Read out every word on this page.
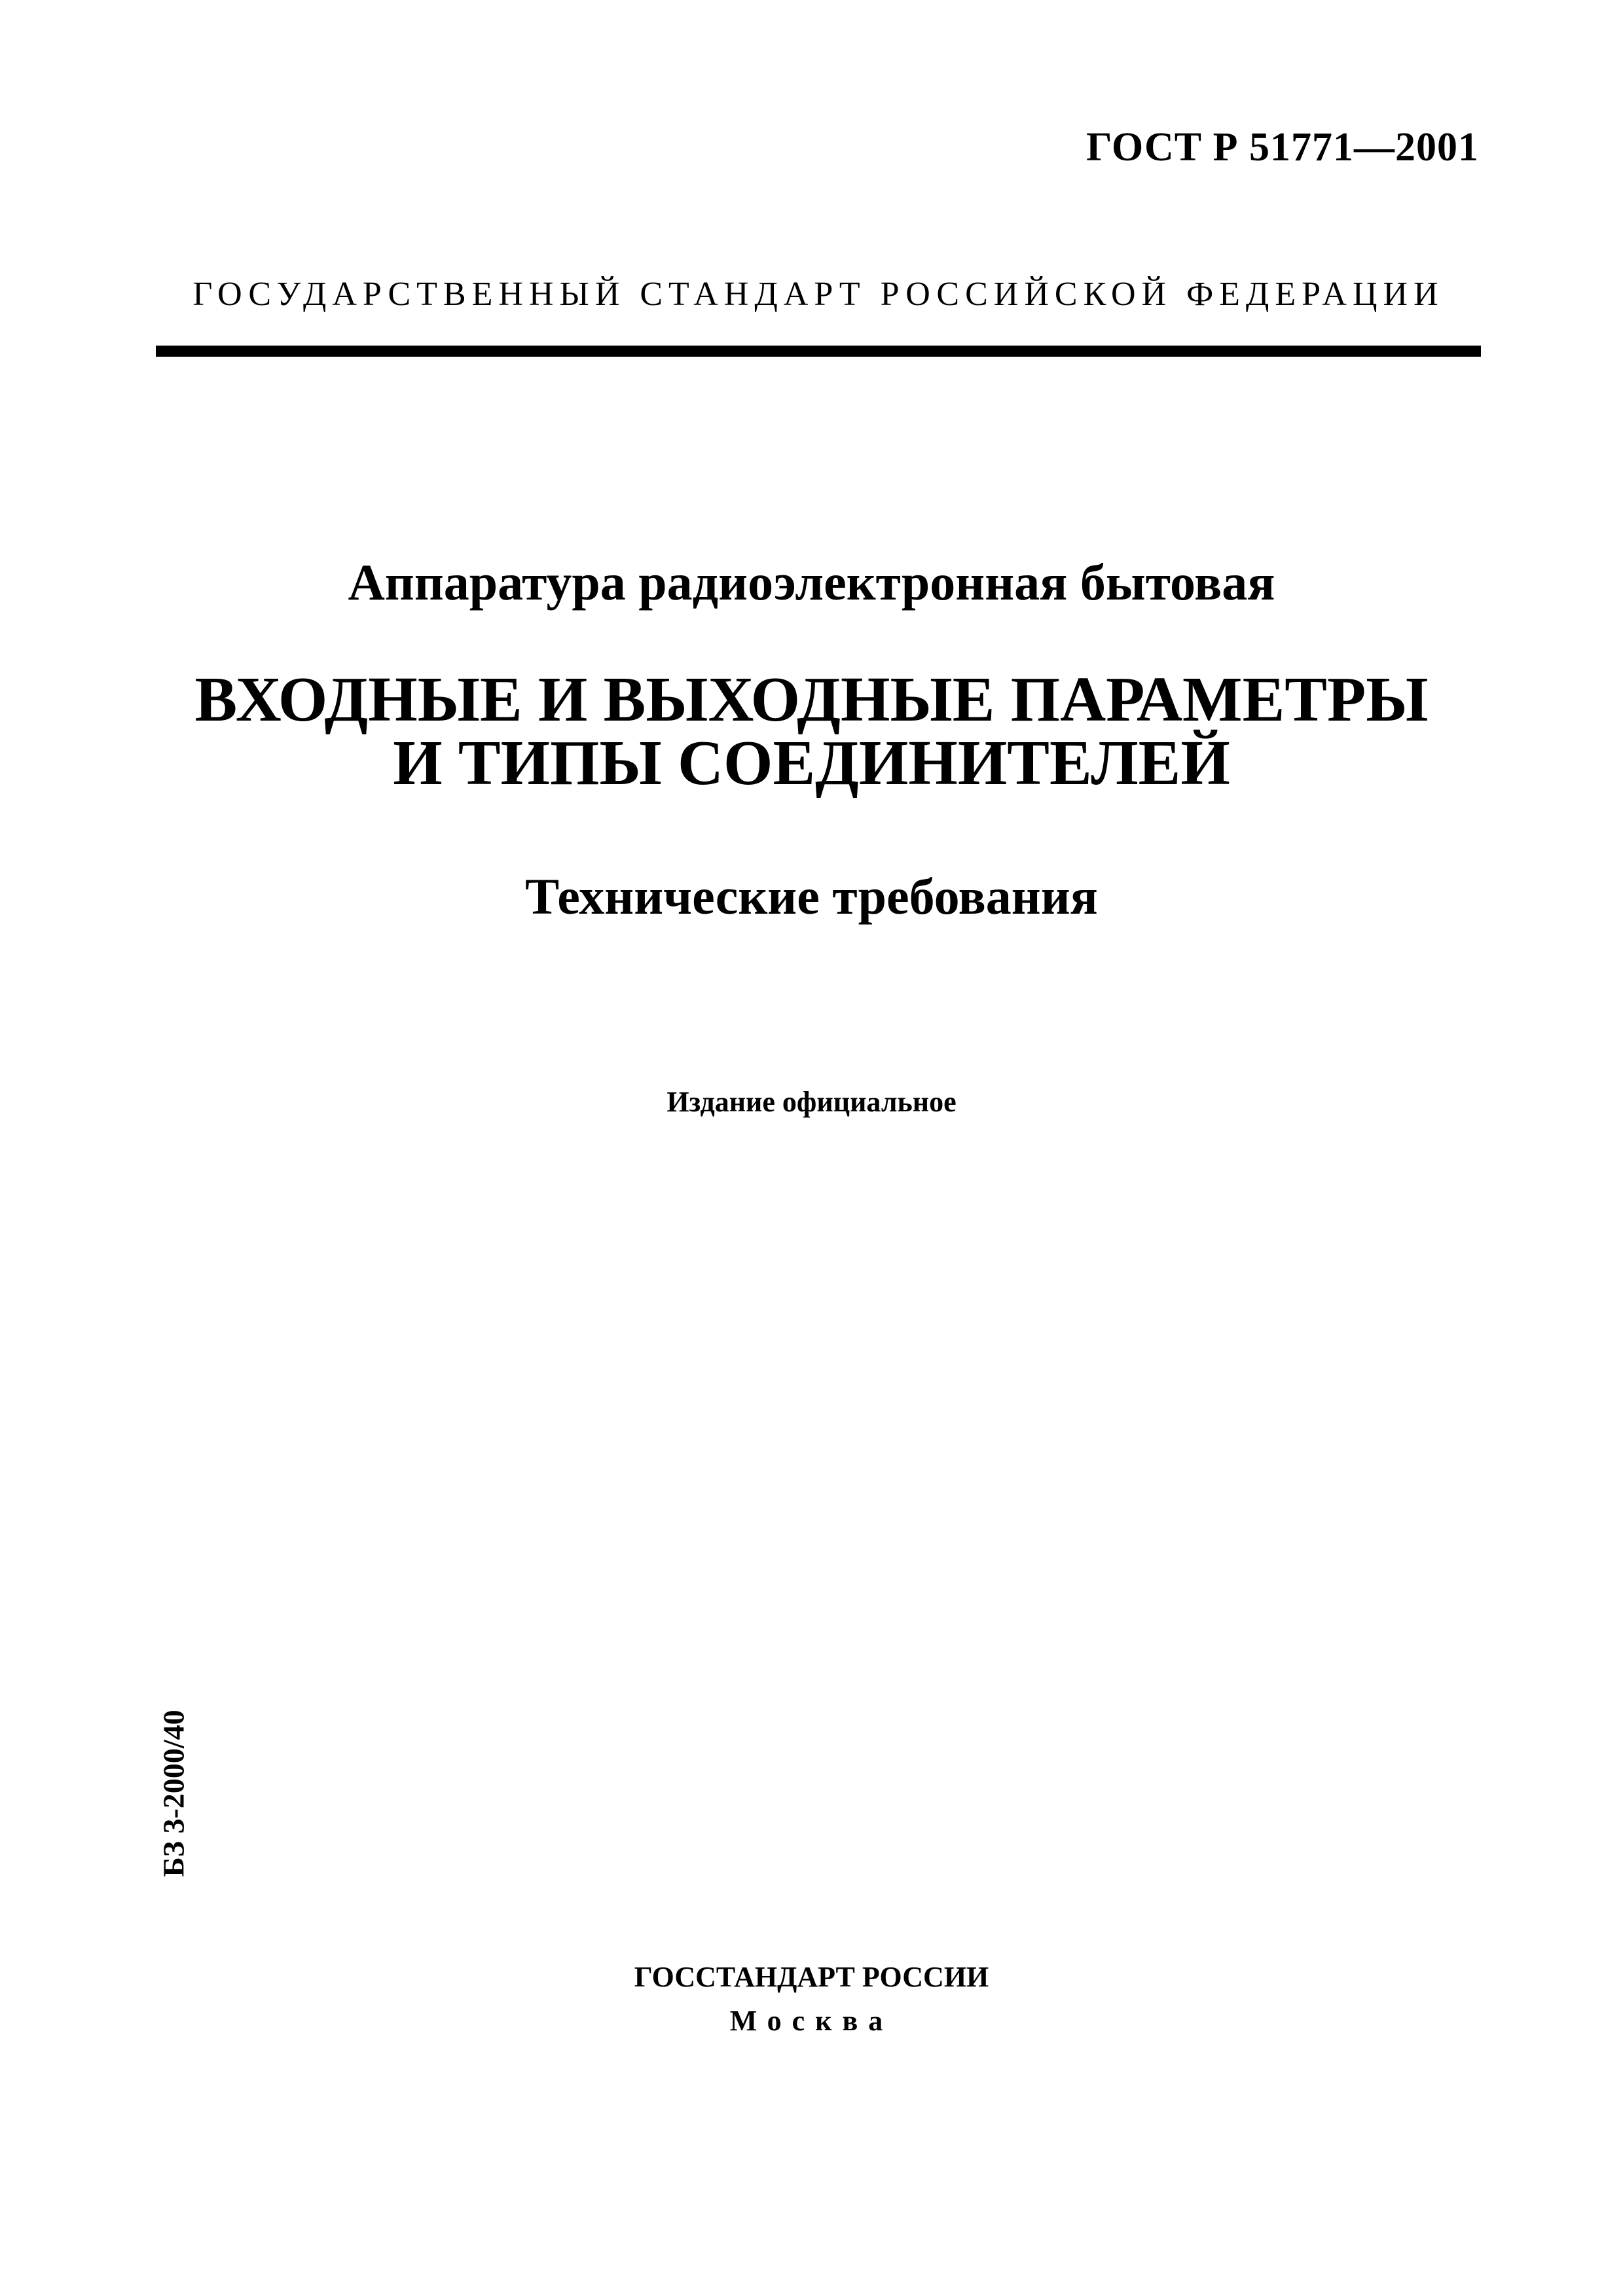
ГОСТ Р 51771—2001
ГОСУДАРСТВЕННЫЙ СТАНДАРТ РОССИЙСКОЙ ФЕДЕРАЦИИ
Аппаратура радиоэлектронная бытовая
ВХОДНЫЕ И ВЫХОДНЫЕ ПАРАМЕТРЫ
И ТИПЫ СОЕДИНИТЕЛЕЙ
Технические требования
Издание официальное
БЗ 3-2000/40
ГОССТАНДАРТ РОССИИ
Москва
